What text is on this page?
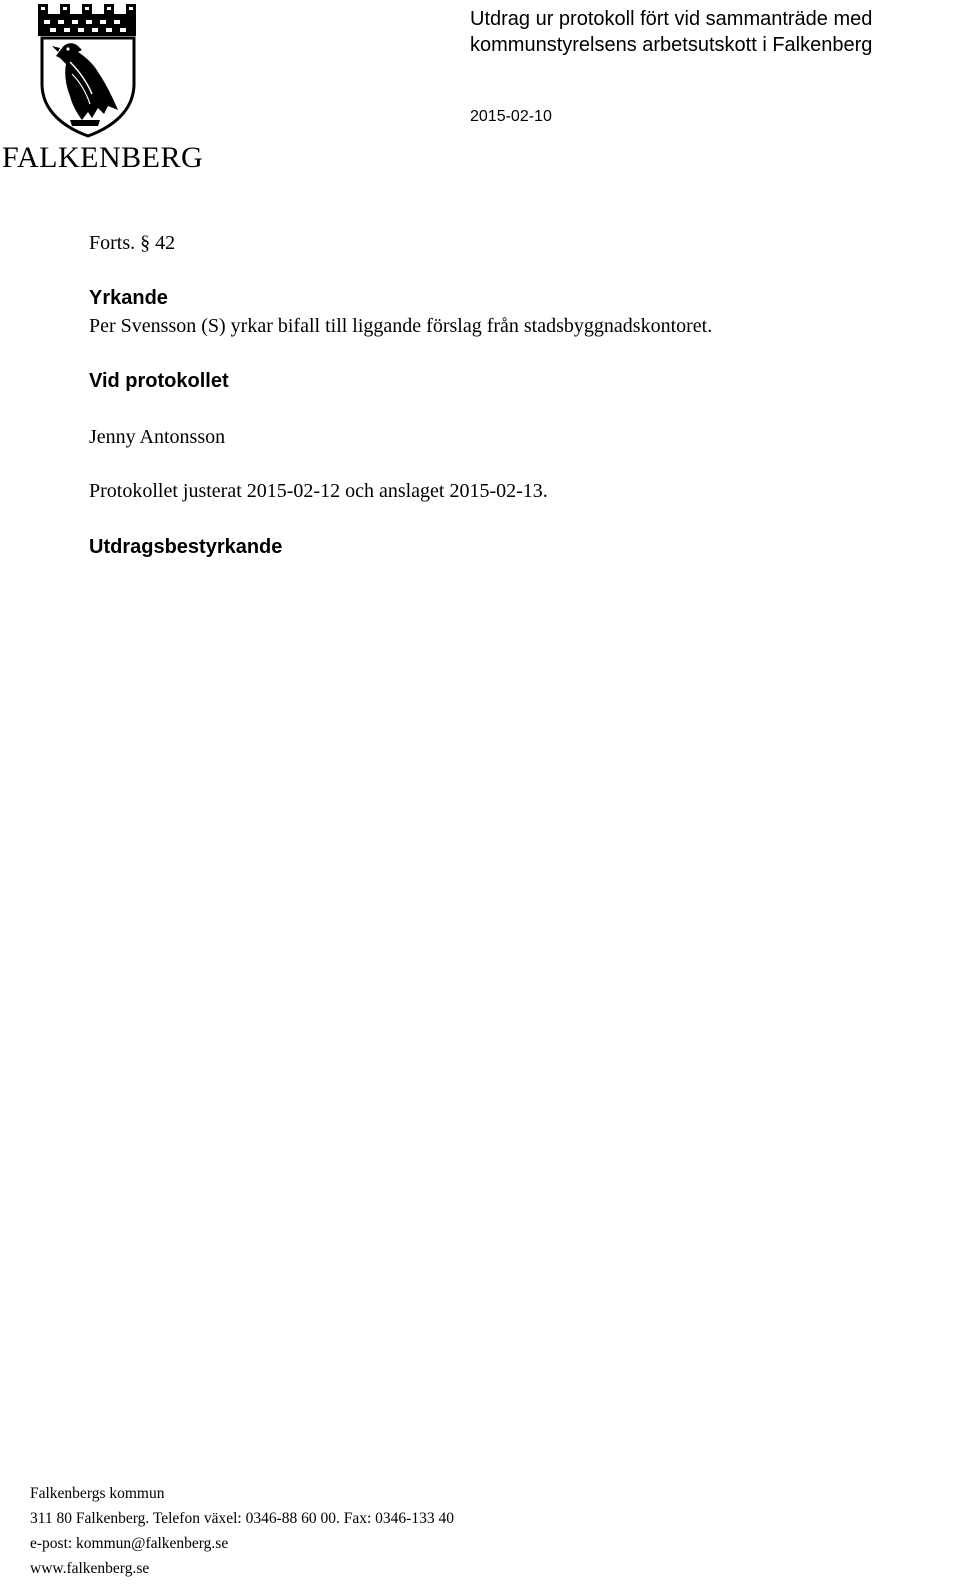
FALKENBERG
Utdrag ur protokoll fört vid sammanträde med
kommunstyrelsens arbetsutskott i Falkenberg
2015-02-10
Forts. § 42
Yrkande
Per Svensson (S) yrkar bifall till liggande förslag från stadsbyggnadskontoret.
Vid protokollet
Jenny Antonsson
Protokollet justerat 2015-02-12 och anslaget 2015-02-13.
Utdragsbestyrkande
Falkenbergs kommun
311 80 Falkenberg. Telefon växel: 0346-88 60 00. Fax: 0346-133 40
e-post: kommun@falkenberg.se
www.falkenberg.se
